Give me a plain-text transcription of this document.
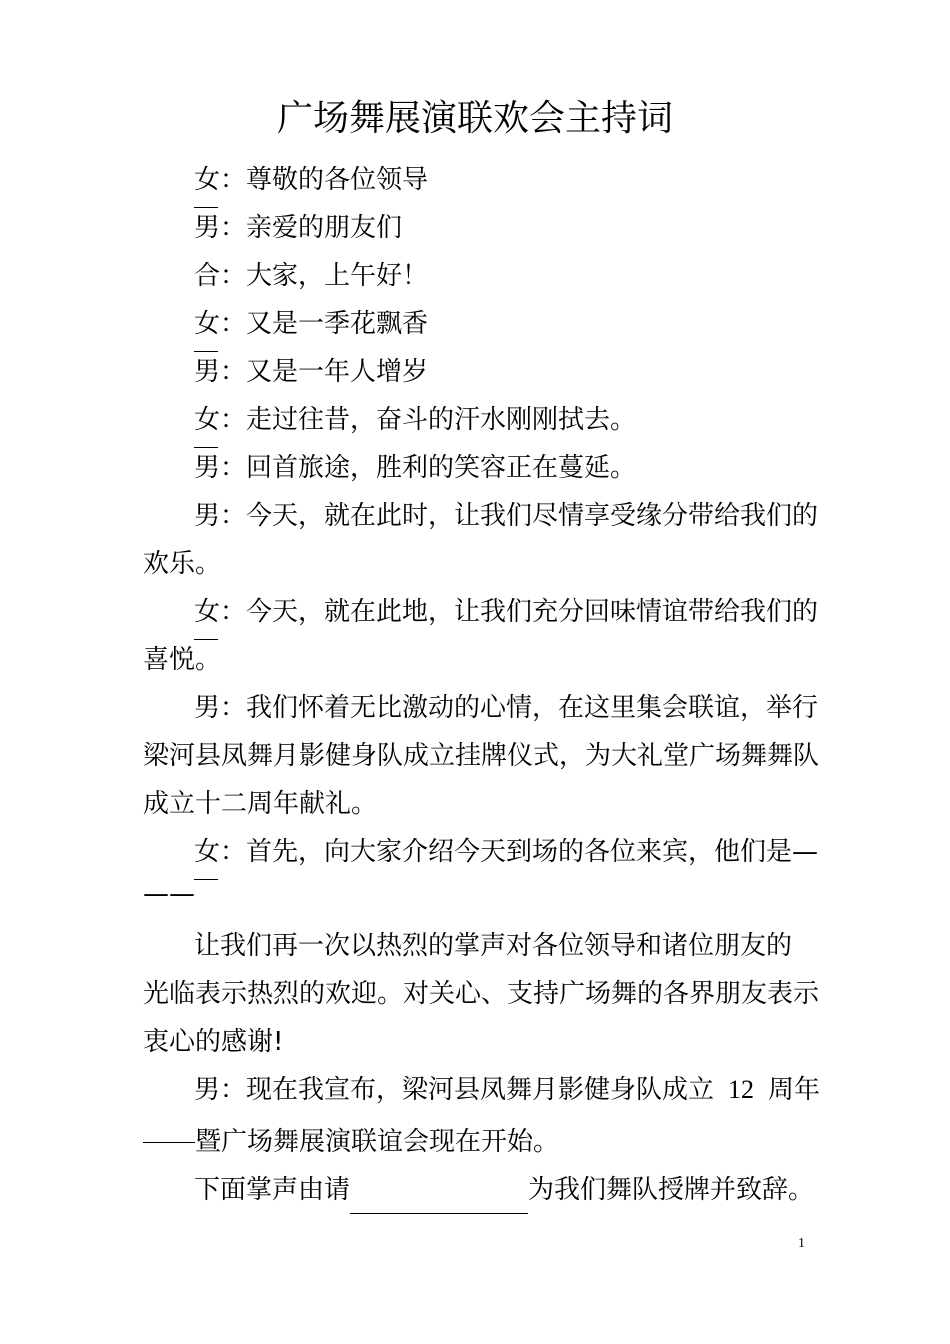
广场舞展演联欢会主持词
女：尊敬的各位领导
男：亲爱的朋友们
合：大家，上午好！
女：又是一季花飘香
男：又是一年人增岁
女：走过往昔，奋斗的汗水刚刚拭去。
男：回首旅途，胜利的笑容正在蔓延。
男：今天，就在此时，让我们尽情享受缘分带给我们的
欢乐。
女：今天，就在此地，让我们充分回味情谊带给我们的
喜悦。
男：我们怀着无比激动的心情，在这里集会联谊，举行
梁河县凤舞月影健身队成立挂牌仪式，为大礼堂广场舞舞队
成立十二周年献礼。
女：首先，向大家介绍今天到场的各位来宾，他们是—
——
让我们再一次以热烈的掌声对各位领导和诸位朋友的
光临表示热烈的欢迎。对关心、支持广场舞的各界朋友表示
衷心的感谢!
男：现在我宣布，梁河县凤舞月影健身队成立 12 周年
暨广场舞展演联谊会现在开始。
下面掌声由请	为我们舞队授牌并致辞。
1
